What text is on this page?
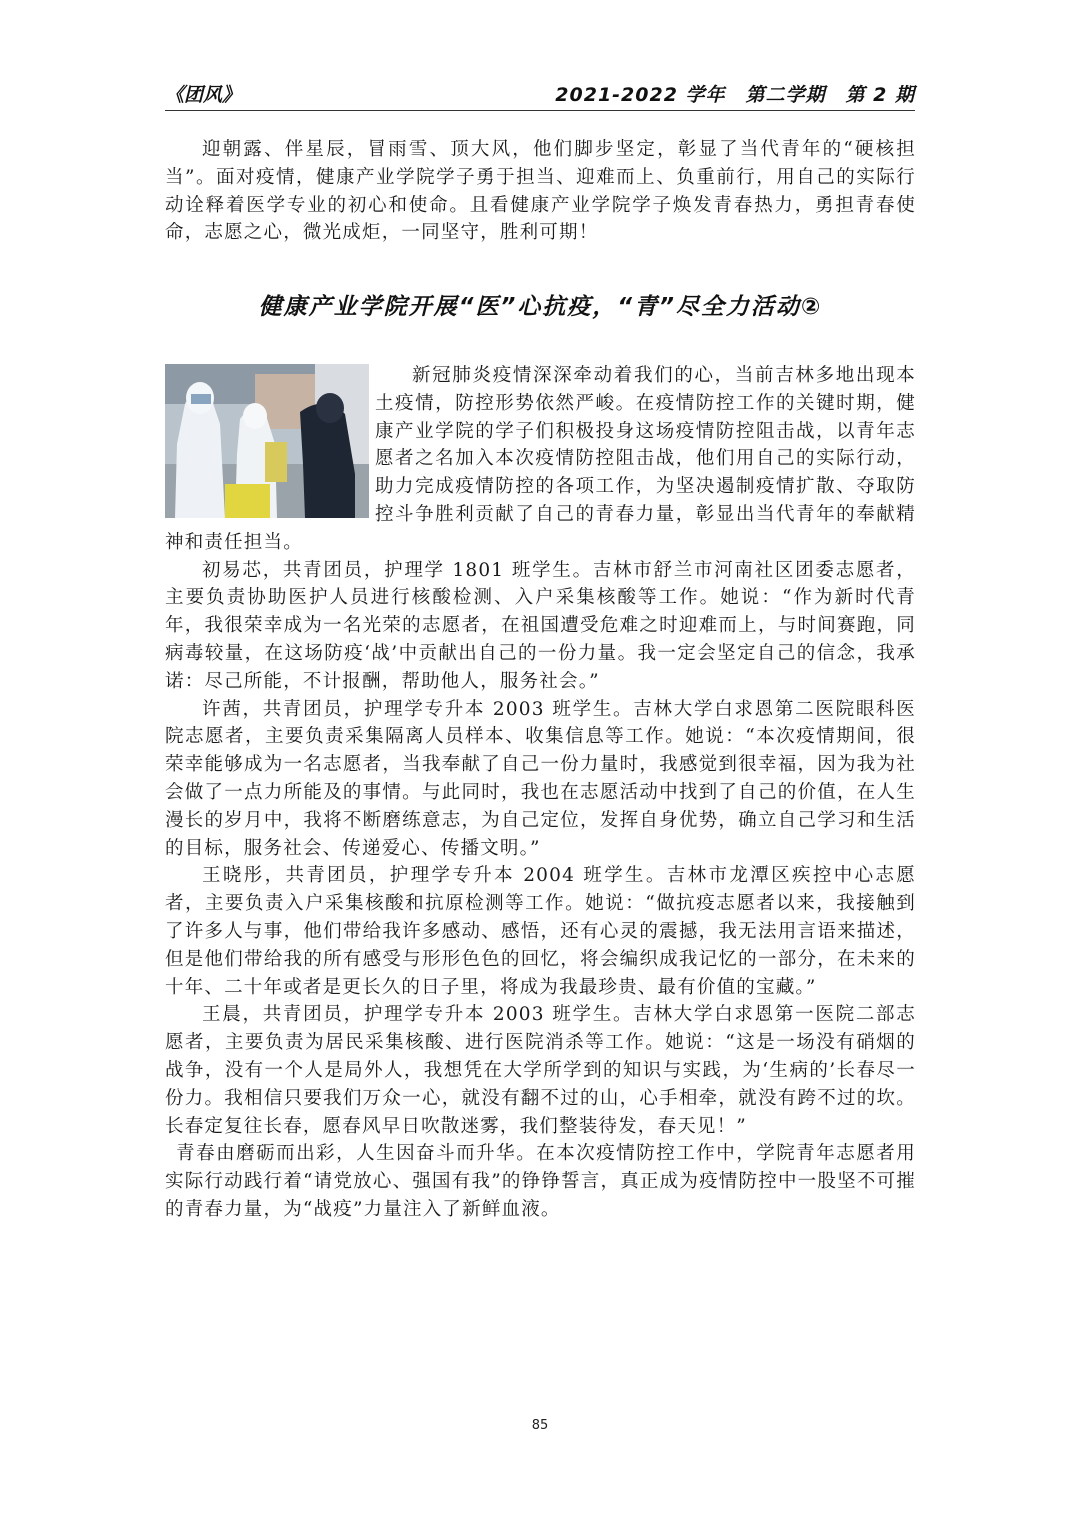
《团风》	2021-2022 学年　第二学期　第 2 期

迎朝露、伴星辰，冒雨雪、顶大风，他们脚步坚定，彰显了当代青年的“硬核担当”。面对疫情，健康产业学院学子勇于担当、迎难而上、负重前行，用自己的实际行动诠释着医学专业的初心和使命。且看健康产业学院学子焕发青春热力，勇担青春使命，志愿之心，微光成炬，一同坚守，胜利可期！

健康产业学院开展“医”心抗疫，“青”尽全力活动②

新冠肺炎疫情深深牵动着我们的心，当前吉林多地出现本土疫情，防控形势依然严峻。在疫情防控工作的关键时期，健康产业学院的学子们积极投身这场疫情防控阻击战，以青年志愿者之名加入本次疫情防控阻击战，他们用自己的实际行动，助力完成疫情防控的各项工作，为坚决遏制疫情扩散、夺取防控斗争胜利贡献了自己的青春力量，彰显出当代青年的奉献精神和责任担当。

初易芯，共青团员，护理学 1801 班学生。吉林市舒兰市河南社区团委志愿者，主要负责协助医护人员进行核酸检测、入户采集核酸等工作。她说：“作为新时代青年，我很荣幸成为一名光荣的志愿者，在祖国遭受危难之时迎难而上，与时间赛跑，同病毒较量，在这场防疫‘战’中贡献出自己的一份力量。我一定会坚定自己的信念，我承诺：尽己所能，不计报酬，帮助他人，服务社会。”

许茜，共青团员，护理学专升本 2003 班学生。吉林大学白求恩第二医院眼科医院志愿者，主要负责采集隔离人员样本、收集信息等工作。她说：“本次疫情期间，很荣幸能够成为一名志愿者，当我奉献了自己一份力量时，我感觉到很幸福，因为我为社会做了一点力所能及的事情。与此同时，我也在志愿活动中找到了自己的价值，在人生漫长的岁月中，我将不断磨练意志，为自己定位，发挥自身优势，确立自己学习和生活的目标，服务社会、传递爱心、传播文明。”

王晓彤，共青团员，护理学专升本 2004 班学生。吉林市龙潭区疾控中心志愿者，主要负责入户采集核酸和抗原检测等工作。她说：“做抗疫志愿者以来，我接触到了许多人与事，他们带给我许多感动、感悟，还有心灵的震撼，我无法用言语来描述，但是他们带给我的所有感受与形形色色的回忆，将会编织成我记忆的一部分，在未来的十年、二十年或者是更长久的日子里，将成为我最珍贵、最有价值的宝藏。”

王晨，共青团员，护理学专升本 2003 班学生。吉林大学白求恩第一医院二部志愿者，主要负责为居民采集核酸、进行医院消杀等工作。她说：“这是一场没有硝烟的战争，没有一个人是局外人，我想凭在大学所学到的知识与实践，为‘生病的’长春尽一份力。我相信只要我们万众一心，就没有翻不过的山，心手相牵，就没有跨不过的坎。长春定复往长春，愿春风早日吹散迷雾，我们整装待发，春天见！”

青春由磨砺而出彩，人生因奋斗而升华。在本次疫情防控工作中，学院青年志愿者用实际行动践行着“请党放心、强国有我”的铮铮誓言，真正成为疫情防控中一股坚不可摧的青春力量，为“战疫”力量注入了新鲜血液。

85
